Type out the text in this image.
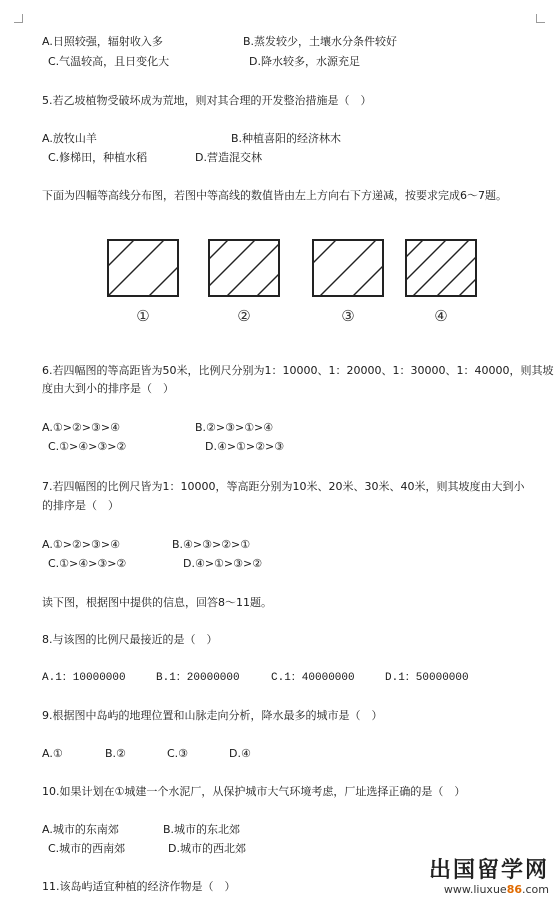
A.日照较强，辐射收入多	B.蒸发较少，土壤水分条件较好
C.气温较高，且日变化大	D.降水较多，水源充足
5.若乙坡植物受破坏成为荒地，则对其合理的开发整治措施是（　）
A.放牧山羊	B.种植喜阳的经济林木
C.修梯田，种植水稻	D.营造混交林
下面为四幅等高线分布图，若图中等高线的数值皆由左上方向右下方递减，按要求完成6～7题。
①	②	③	④
6.若四幅图的等高距皆为50米，比例尺分别为1：10000、1：20000、1：30000、1：40000，则其坡
度由大到小的排序是（　）
A.①>②>③>④	B.②>③>①>④
C.①>④>③>②	D.④>①>②>③
7.若四幅图的比例尺皆为1：10000，等高距分别为10米、20米、30米、40米，则其坡度由大到小
的排序是（　）
A.①>②>③>④	B.④>③>②>①
C.①>④>③>②	D.④>①>③>②
读下图，根据图中提供的信息，回答8～11题。
8.与该图的比例尺最接近的是（　）
A.1：10000000	B.1：20000000	C.1：40000000	D.1：50000000
9.根据图中岛屿的地理位置和山脉走向分析，降水最多的城市是（　）
A.①	B.②	C.③	D.④
10.如果计划在①城建一个水泥厂，从保护城市大气环境考虑，厂址选择正确的是（　）
A.城市的东南郊	B.城市的东北郊
C.城市的西南郊	D.城市的西北郊
11.该岛屿适宜种植的经济作物是（　）
出国留学网
www.liuxue86.com
